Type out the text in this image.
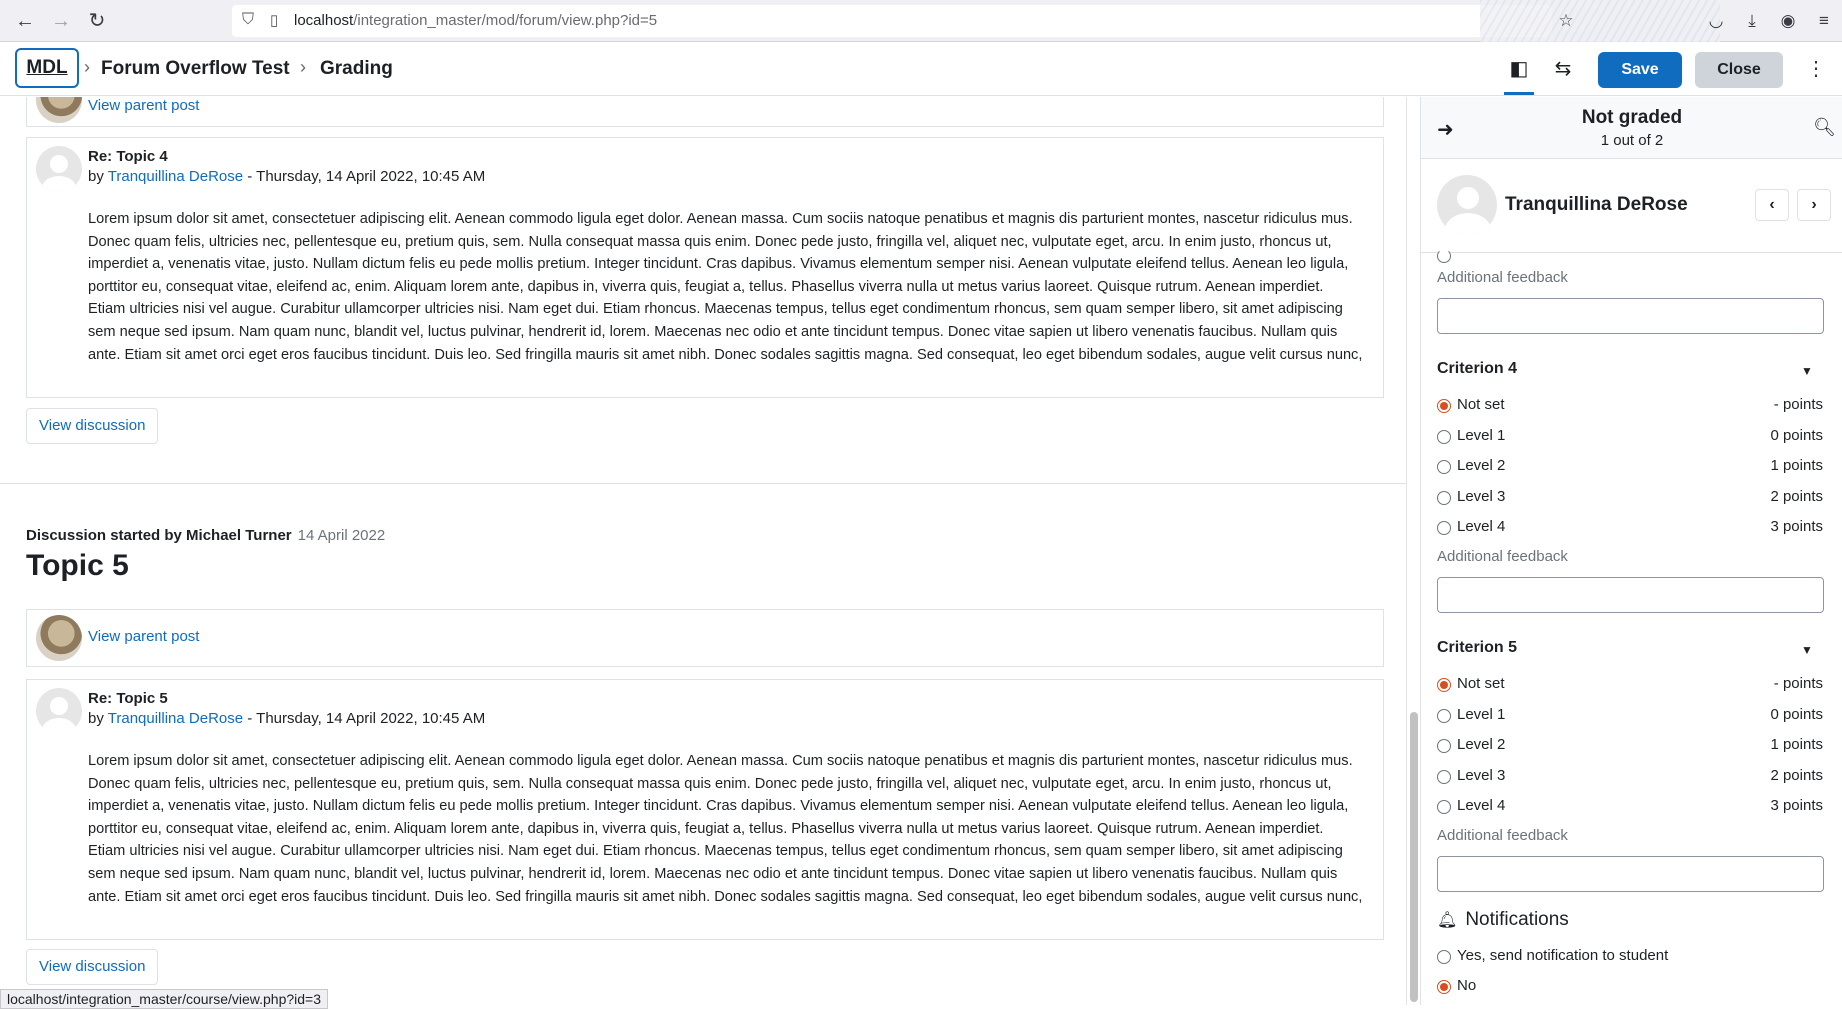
← → ↻	⛉ ▯ localhost/integration_master/mod/forum/view.php?id=5	☆	◡	⤓	◉	≡
MDL › Forum Overflow Test › Grading	◧	⇆	Save	Close	⋮
View parent post
Re: Topic 4
by Tranquillina DeRose - Thursday, 14 April 2022, 10:45 AM
Lorem ipsum dolor sit amet, consectetuer adipiscing elit. Aenean commodo ligula eget dolor. Aenean massa. Cum sociis natoque penatibus et magnis dis parturient montes, nascetur ridiculus mus. Donec quam felis, ultricies nec, pellentesque eu, pretium quis, sem. Nulla consequat massa quis enim. Donec pede justo, fringilla vel, aliquet nec, vulputate eget, arcu. In enim justo, rhoncus ut, imperdiet a, venenatis vitae, justo. Nullam dictum felis eu pede mollis pretium. Integer tincidunt. Cras dapibus. Vivamus elementum semper nisi. Aenean vulputate eleifend tellus. Aenean leo ligula, porttitor eu, consequat vitae, eleifend ac, enim. Aliquam lorem ante, dapibus in, viverra quis, feugiat a, tellus. Phasellus viverra nulla ut metus varius laoreet. Quisque rutrum. Aenean imperdiet. Etiam ultricies nisi vel augue. Curabitur ullamcorper ultricies nisi. Nam eget dui. Etiam rhoncus. Maecenas tempus, tellus eget condimentum rhoncus, sem quam semper libero, sit amet adipiscing sem neque sed ipsum. Nam quam nunc, blandit vel, luctus pulvinar, hendrerit id, lorem. Maecenas nec odio et ante tincidunt tempus. Donec vitae sapien ut libero venenatis faucibus. Nullam quis ante. Etiam sit amet orci eget eros faucibus tincidunt. Duis leo. Sed fringilla mauris sit amet nibh. Donec sodales sagittis magna. Sed consequat, leo eget bibendum sodales, augue velit cursus nunc,
View discussion
Discussion started by Michael Turner 14 April 2022
Topic 5
View parent post
Re: Topic 5
by Tranquillina DeRose - Thursday, 14 April 2022, 10:45 AM
Lorem ipsum dolor sit amet, consectetuer adipiscing elit. Aenean commodo ligula eget dolor. Aenean massa. Cum sociis natoque penatibus et magnis dis parturient montes, nascetur ridiculus mus. Donec quam felis, ultricies nec, pellentesque eu, pretium quis, sem. Nulla consequat massa quis enim. Donec pede justo, fringilla vel, aliquet nec, vulputate eget, arcu. In enim justo, rhoncus ut, imperdiet a, venenatis vitae, justo. Nullam dictum felis eu pede mollis pretium. Integer tincidunt. Cras dapibus. Vivamus elementum semper nisi. Aenean vulputate eleifend tellus. Aenean leo ligula, porttitor eu, consequat vitae, eleifend ac, enim. Aliquam lorem ante, dapibus in, viverra quis, feugiat a, tellus. Phasellus viverra nulla ut metus varius laoreet. Quisque rutrum. Aenean imperdiet. Etiam ultricies nisi vel augue. Curabitur ullamcorper ultricies nisi. Nam eget dui. Etiam rhoncus. Maecenas tempus, tellus eget condimentum rhoncus, sem quam semper libero, sit amet adipiscing sem neque sed ipsum. Nam quam nunc, blandit vel, luctus pulvinar, hendrerit id, lorem. Maecenas nec odio et ante tincidunt tempus. Donec vitae sapien ut libero venenatis faucibus. Nullam quis ante. Etiam sit amet orci eget eros faucibus tincidunt. Duis leo. Sed fringilla mauris sit amet nibh. Donec sodales sagittis magna. Sed consequat, leo eget bibendum sodales, augue velit cursus nunc,
View discussion
localhost/integration_master/course/view.php?id=3
➜
Not graded
1 out of 2
🔍︎
Tranquillina DeRose	‹	›
Additional feedback
Criterion 4	▼
Not set	- points
Level 1	0 points
Level 2	1 points
Level 3	2 points
Level 4	3 points
Additional feedback
Criterion 5	▼
Not set	- points
Level 1	0 points
Level 2	1 points
Level 3	2 points
Level 4	3 points
Additional feedback
🔔︎ Notifications
Yes, send notification to student
No
